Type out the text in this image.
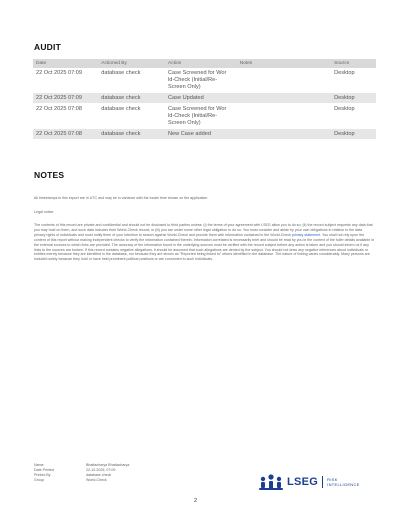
AUDIT
Date	Actioned By	Action	Notes	Source
22 Oct 2025 07:09	database check	Case Screened for Wor ld-Check (Initial/Re-Screen Only)		Desktop
22 Oct 2025 07:09	database check	Case Updated		Desktop
22 Oct 2025 07:08	database check	Case Screened for Wor ld-Check (Initial/Re-Screen Only)		Desktop
22 Oct 2025 07:08	database check	New Case added		Desktop
NOTES
All timestamps in this export are in UTC and may be in variance with the locale time shown on the application
Legal notice
The contents of this record are private and confidential and should not be disclosed to third parties unless: (i) the terms of your agreement with LSEG allow you to do so; (ii) the record subject requests any data that you may hold on them, and such data includes their World-Check record; or (iii) you are under some other legal obligation to do so. You must consider and abide by your own obligations in relation to the data privacy rights of individuals and must notify them of your intention to search against World-Check and provide them with information contained in the World-Check privacy statement. You shall not rely upon the content of this report without making independent checks to verify the information contained therein. Information correlated is necessarily brief and should be read by you in the context of the fuller details available in the external sources to which links are provided. The accuracy of the information found in the underlying sources must be verified with the record subject before any action is taken and you should inform us if any links to the sources are broken. If this record contains negative allegations, it should be assumed that such allegations are denied by the subject. You should not draw any negative inferences about individuals or entities merely because they are identified in the database, nor because they are shown as "Reported being linked to" others identified in the database. The nature of linking varies considerably. Many persons are included solely because they hold or have held prominent political positions or are connected to such individuals.
Name	Bhattacharya Bhattacharya
Date Printed	22-10-2025, 07:09
Printed By	database check
Group	World-Check	LSEG RISK
INTELLIGENCE
2
